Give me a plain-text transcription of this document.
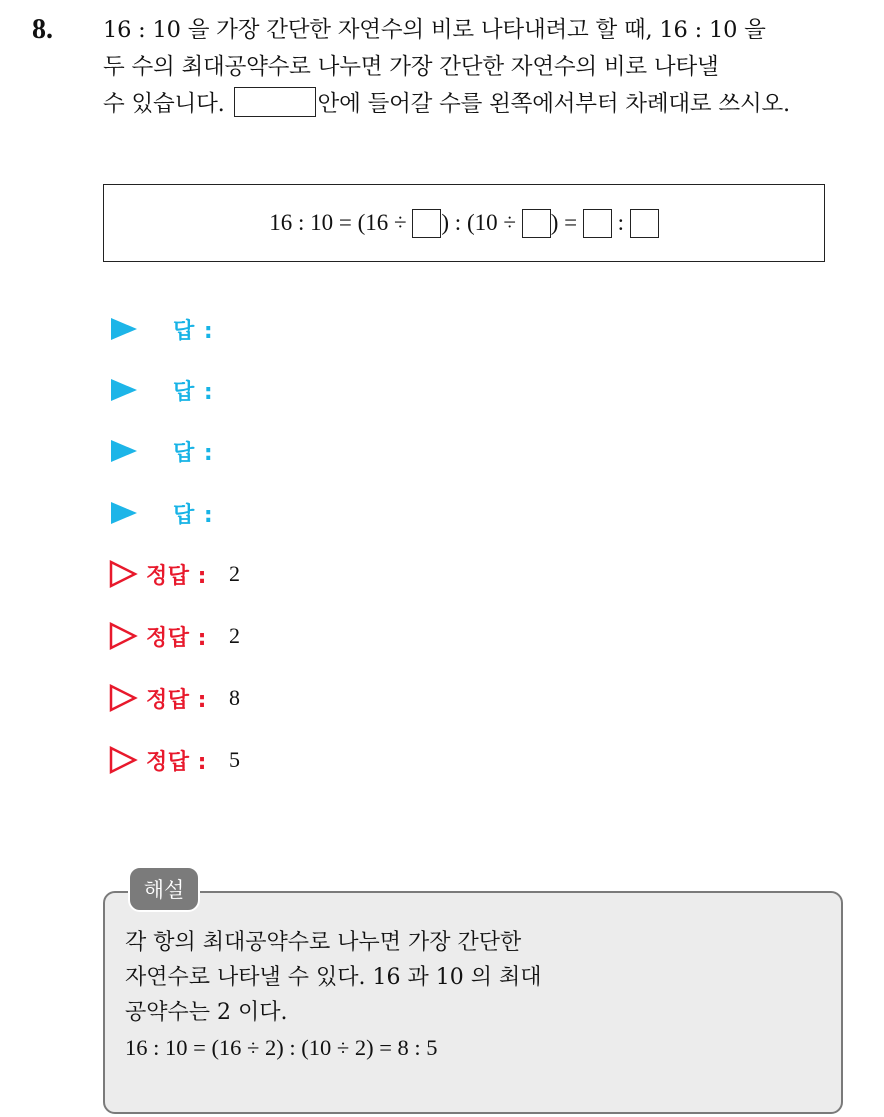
8. 16 : 10 을 가장 간단한 자연수의 비로 나타내려고 할 때, 16 : 10 을
두 수의 최대공약수로 나누면 가장 간단한 자연수의 비로 나타낼
수 있습니다.	안에 들어갈 수를 왼쪽에서부터 차례대로 쓰시오.
16 : 10 = (16 ÷ ) : (10 ÷ ) = :
답 :
답 :
답 :
답 :
정답 : 2
정답 : 2
정답 : 8
정답 : 5
해설
각 항의 최대공약수로 나누면 가장 간단한
자연수로 나타낼 수 있다. 16 과 10 의 최대
공약수는 2 이다.
16 : 10 = (16 ÷ 2) : (10 ÷ 2) = 8 : 5
